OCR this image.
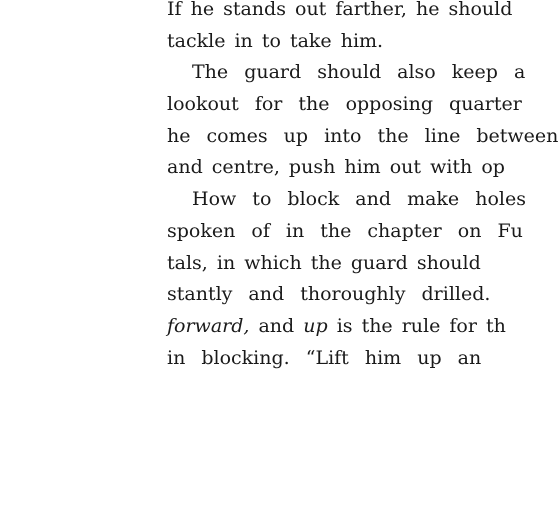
If he stands out farther, he should
tackle in to take him.
The guard should also keep a
lookout for the opposing quarter
he comes up into the line between
and centre, push him out with op
How to block and make holes
spoken of in the chapter on Fu
tals, in which the guard should
stantly and thoroughly drilled.
forward, and up is the rule for th
in blocking. “Lift him up an
